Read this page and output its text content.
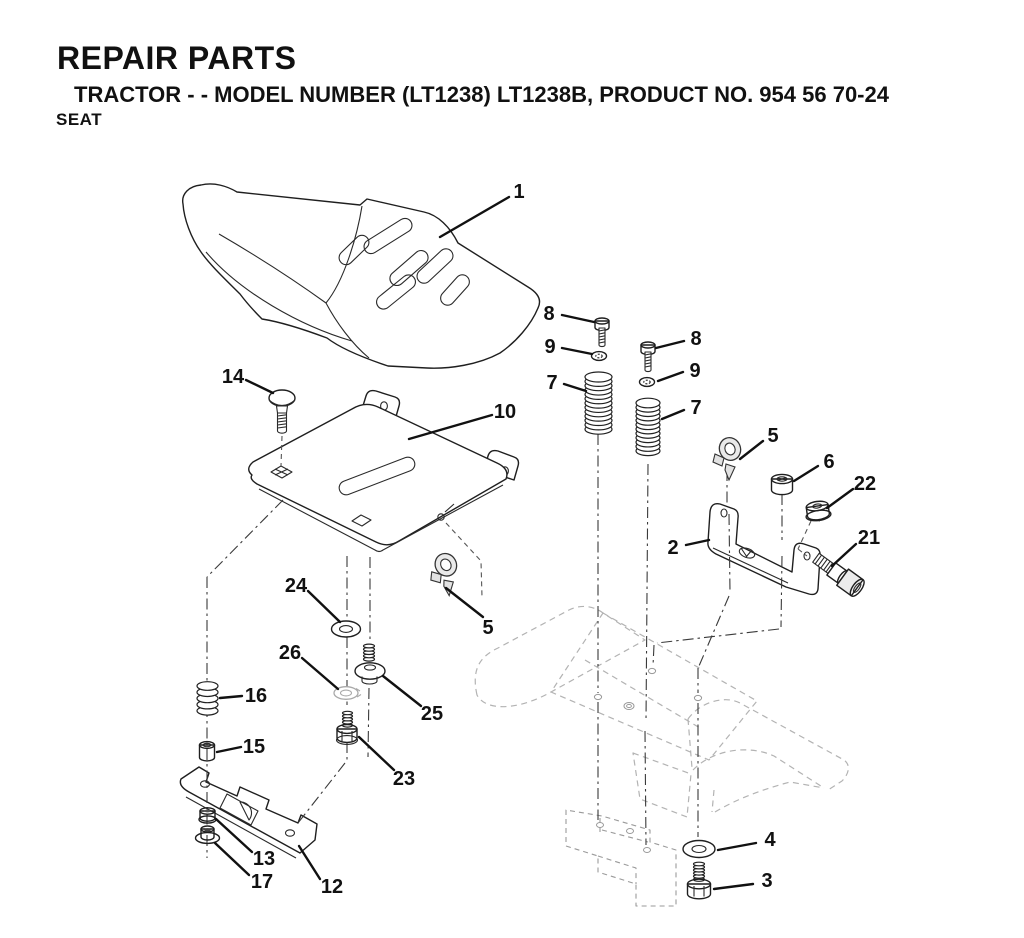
REPAIR PARTS
TRACTOR - - MODEL NUMBER (LT1238) LT1238B, PRODUCT NO. 954 56 70-24
SEAT
1
8
9
7
8
9
7
14
10
5
6
22
2	21
5
24
26
25
16
15
23
13
17 12
4
3
